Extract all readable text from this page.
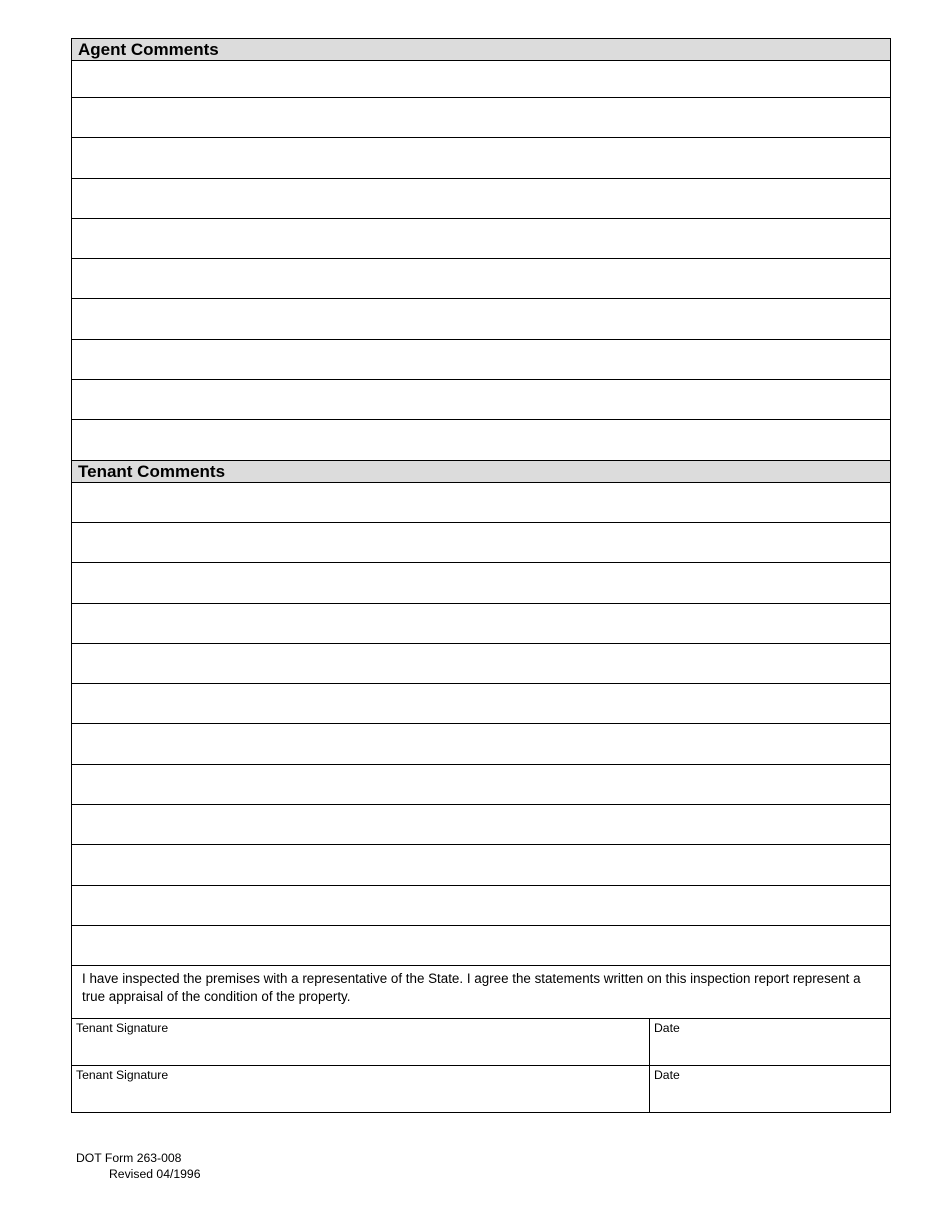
Agent Comments
Tenant Comments
I have inspected the premises with a representative of the State. I agree the statements written on this inspection report represent a true appraisal of the condition of the property.
Tenant Signature	Date
Tenant Signature	Date
DOT Form 263-008
Revised 04/1996
